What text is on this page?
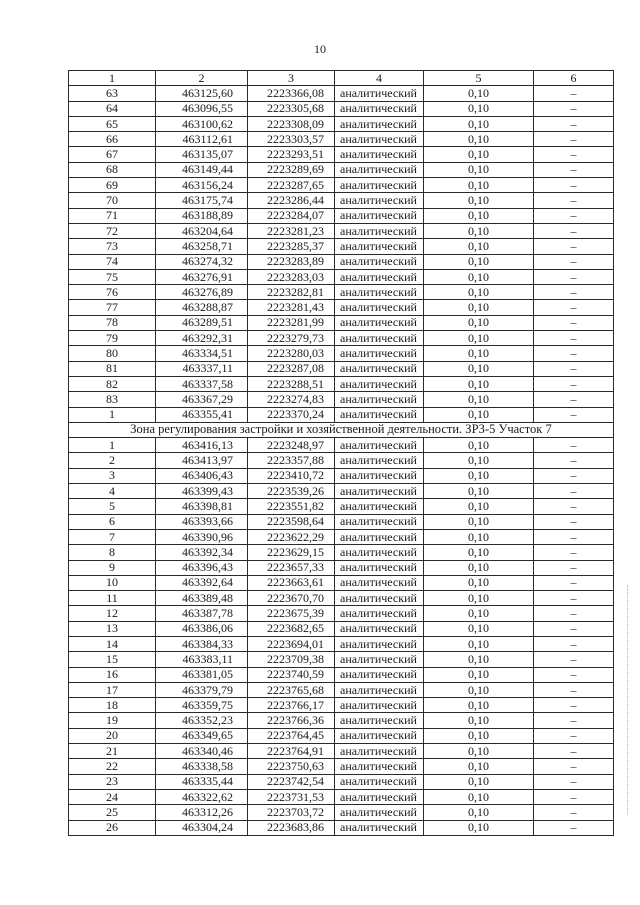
10
1	2	3	4	5	6
63	463125,60	2223366,08	аналитический	0,10	–
64	463096,55	2223305,68	аналитический	0,10	–
65	463100,62	2223308,09	аналитический	0,10	–
66	463112,61	2223303,57	аналитический	0,10	–
67	463135,07	2223293,51	аналитический	0,10	–
68	463149,44	2223289,69	аналитический	0,10	–
69	463156,24	2223287,65	аналитический	0,10	–
70	463175,74	2223286,44	аналитический	0,10	–
71	463188,89	2223284,07	аналитический	0,10	–
72	463204,64	2223281,23	аналитический	0,10	–
73	463258,71	2223285,37	аналитический	0,10	–
74	463274,32	2223283,89	аналитический	0,10	–
75	463276,91	2223283,03	аналитический	0,10	–
76	463276,89	2223282,81	аналитический	0,10	–
77	463288,87	2223281,43	аналитический	0,10	–
78	463289,51	2223281,99	аналитический	0,10	–
79	463292,31	2223279,73	аналитический	0,10	–
80	463334,51	2223280,03	аналитический	0,10	–
81	463337,11	2223287,08	аналитический	0,10	–
82	463337,58	2223288,51	аналитический	0,10	–
83	463367,29	2223274,83	аналитический	0,10	–
1	463355,41	2223370,24	аналитический	0,10	–
Зона регулирования застройки и хозяйственной деятельности. ЗРЗ-5 Участок 7					
1	463416,13	2223248,97	аналитический	0,10	–
2	463413,97	2223357,88	аналитический	0,10	–
3	463406,43	2223410,72	аналитический	0,10	–
4	463399,43	2223539,26	аналитический	0,10	–
5	463398,81	2223551,82	аналитический	0,10	–
6	463393,66	2223598,64	аналитический	0,10	–
7	463390,96	2223622,29	аналитический	0,10	–
8	463392,34	2223629,15	аналитический	0,10	–
9	463396,43	2223657,33	аналитический	0,10	–
10	463392,64	2223663,61	аналитический	0,10	–
11	463389,48	2223670,70	аналитический	0,10	–
12	463387,78	2223675,39	аналитический	0,10	–
13	463386,06	2223682,65	аналитический	0,10	–
14	463384,33	2223694,01	аналитический	0,10	–
15	463383,11	2223709,38	аналитический	0,10	–
16	463381,05	2223740,59	аналитический	0,10	–
17	463379,79	2223765,68	аналитический	0,10	–
18	463359,75	2223766,17	аналитический	0,10	–
19	463352,23	2223766,36	аналитический	0,10	–
20	463349,65	2223764,45	аналитический	0,10	–
21	463340,46	2223764,91	аналитический	0,10	–
22	463338,58	2223750,63	аналитический	0,10	–
23	463335,44	2223742,54	аналитический	0,10	–
24	463322,62	2223731,53	аналитический	0,10	–
25	463312,26	2223703,72	аналитический	0,10	–
26	463304,24	2223683,86	аналитический	0,10	–
